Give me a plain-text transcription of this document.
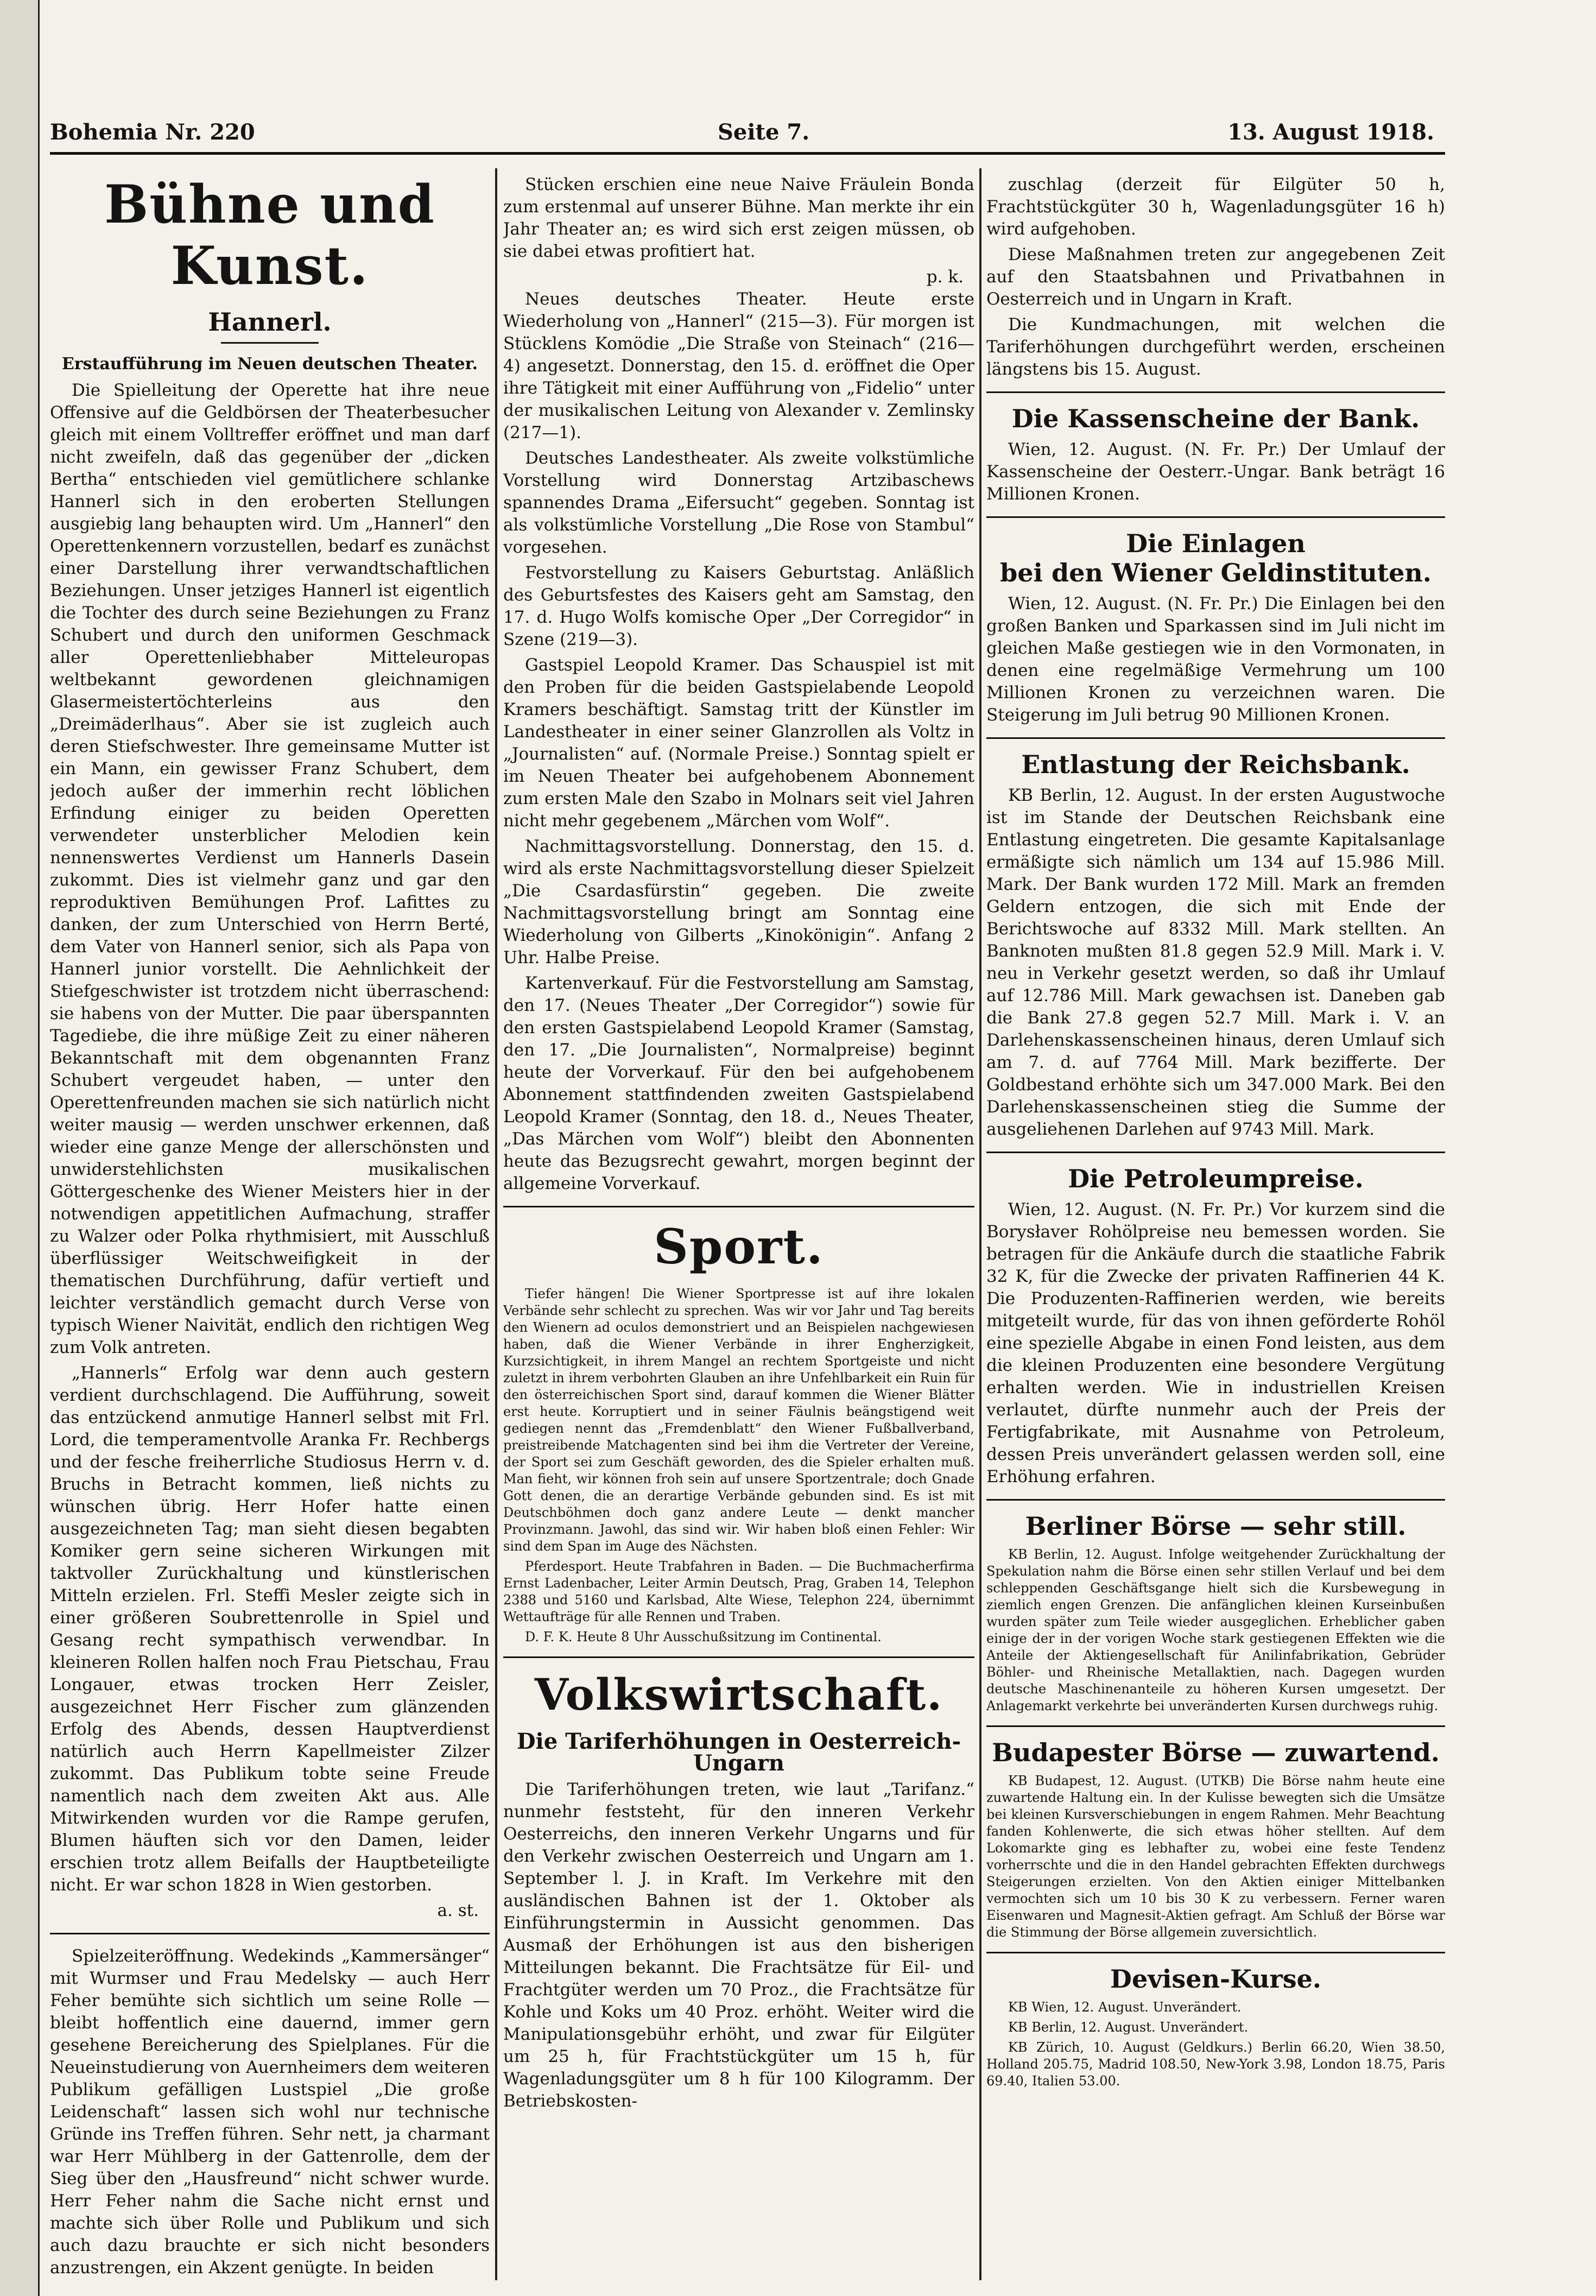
Bohemia Nr. 220	Seite 7.	13. August 1918.
Bühne und Kunst.
Hannerl.
Erstaufführung im Neuen deutschen Theater.

Die Spielleitung der Operette hat ihre neue Offensive auf die Geldbörsen der Theaterbesucher gleich mit einem Volltreffer eröffnet und man darf nicht zweifeln, daß das gegenüber der „dicken Bertha“ entschieden viel gemütlichere schlanke Hannerl sich in den eroberten Stellungen ausgiebig lang behaupten wird. Um „Hannerl“ den Operettenkennern vorzustellen, bedarf es zunächst einer Darstellung ihrer verwandtschaftlichen Beziehungen. Unser jetziges Hannerl ist eigentlich die Tochter des durch seine Beziehungen zu Franz Schubert und durch den uniformen Geschmack aller Operettenliebhaber Mitteleuropas weltbekannt gewordenen gleichnamigen Glasermeistertöchterleins aus den „Dreimäderlhaus“. Aber sie ist zugleich auch deren Stiefschwester. Ihre gemeinsame Mutter ist ein Mann, ein gewisser Franz Schubert, dem jedoch außer der immerhin recht löblichen Erfindung einiger zu beiden Operetten verwendeter unsterblicher Melodien kein nennenswertes Verdienst um Hannerls Dasein zukommt. Dies ist vielmehr ganz und gar den reproduktiven Bemühungen Prof. Lafittes zu danken, der zum Unterschied von Herrn Berté, dem Vater von Hannerl senior, sich als Papa von Hannerl junior vorstellt. Die Aehnlichkeit der Stiefgeschwister ist trotzdem nicht überraschend: sie habens von der Mutter. Die paar überspannten Tagediebe, die ihre müßige Zeit zu einer näheren Bekanntschaft mit dem obgenannten Franz Schubert vergeudet haben, — unter den Operettenfreunden machen sie sich natürlich nicht weiter mausig — werden unschwer erkennen, daß wieder eine ganze Menge der allerschönsten und unwiderstehlichsten musikalischen Göttergeschenke des Wiener Meisters hier in der notwendigen appetitlichen Aufmachung, straffer zu Walzer oder Polka rhythmisiert, mit Ausschluß überflüssiger Weitschweifigkeit in der thematischen Durchführung, dafür vertieft und leichter verständlich gemacht durch Verse von typisch Wiener Naivität, endlich den richtigen Weg zum Volk antreten.

„Hannerls“ Erfolg war denn auch gestern verdient durchschlagend. Die Aufführung, soweit das entzückend anmutige Hannerl selbst mit Frl. Lord, die temperamentvolle Aranka Fr. Rechbergs und der fesche freiherrliche Studiosus Herrn v. d. Bruchs in Betracht kommen, ließ nichts zu wünschen übrig. Herr Hofer hatte einen ausgezeichneten Tag; man sieht diesen begabten Komiker gern seine sicheren Wirkungen mit taktvoller Zurückhaltung und künstlerischen Mitteln erzielen. Frl. Steffi Mesler zeigte sich in einer größeren Soubrettenrolle in Spiel und Gesang recht sympathisch verwendbar. In kleineren Rollen halfen noch Frau Pietschau, Frau Longauer, etwas trocken Herr Zeisler, ausgezeichnet Herr Fischer zum glänzenden Erfolg des Abends, dessen Hauptverdienst natürlich auch Herrn Kapellmeister Zilzer zukommt. Das Publikum tobte seine Freude namentlich nach dem zweiten Akt aus. Alle Mitwirkenden wurden vor die Rampe gerufen, Blumen häuften sich vor den Damen, leider erschien trotz allem Beifalls der Hauptbeteiligte nicht. Er war schon 1828 in Wien gestorben.

a. st.

Spielzeiteröffnung. Wedekinds „Kammersänger“ mit Wurmser und Frau Medelsky — auch Herr Feher bemühte sich sichtlich um seine Rolle — bleibt hoffentlich eine dauernd, immer gern gesehene Bereicherung des Spielplanes. Für die Neueinstudierung von Auernheimers dem weiteren Publikum gefälligen Lustspiel „Die große Leidenschaft“ lassen sich wohl nur technische Gründe ins Treffen führen. Sehr nett, ja charmant war Herr Mühlberg in der Gattenrolle, dem der Sieg über den „Hausfreund“ nicht schwer wurde. Herr Feher nahm die Sache nicht ernst und machte sich über Rolle und Publikum und sich auch dazu brauchte er sich nicht besonders anzustrengen, ein Akzent genügte. In beiden

Stücken erschien eine neue Naive Fräulein Bonda zum erstenmal auf unserer Bühne. Man merkte ihr ein Jahr Theater an; es wird sich erst zeigen müssen, ob sie dabei etwas profitiert hat.

p. k.

Neues deutsches Theater. Heute erste Wiederholung von „Hannerl“ (215—3). Für morgen ist Stücklens Komödie „Die Straße von Steinach“ (216—4) angesetzt. Donnerstag, den 15. d. eröffnet die Oper ihre Tätigkeit mit einer Aufführung von „Fidelio“ unter der musikalischen Leitung von Alexander v. Zemlinsky (217—1).

Deutsches Landestheater. Als zweite volkstümliche Vorstellung wird Donnerstag Artzibaschews spannendes Drama „Eifersucht“ gegeben. Sonntag ist als volkstümliche Vorstellung „Die Rose von Stambul“ vorgesehen.

Festvorstellung zu Kaisers Geburtstag. Anläßlich des Geburtsfestes des Kaisers geht am Samstag, den 17. d. Hugo Wolfs komische Oper „Der Corregidor“ in Szene (219—3).

Gastspiel Leopold Kramer. Das Schauspiel ist mit den Proben für die beiden Gastspielabende Leopold Kramers beschäftigt. Samstag tritt der Künstler im Landestheater in einer seiner Glanzrollen als Voltz in „Journalisten“ auf. (Normale Preise.) Sonntag spielt er im Neuen Theater bei aufgehobenem Abonnement zum ersten Male den Szabo in Molnars seit viel Jahren nicht mehr gegebenem „Märchen vom Wolf“.

Nachmittagsvorstellung. Donnerstag, den 15. d. wird als erste Nachmittagsvorstellung dieser Spielzeit „Die Csardasfürstin“ gegeben. Die zweite Nachmittagsvorstellung bringt am Sonntag eine Wiederholung von Gilberts „Kinokönigin“. Anfang 2 Uhr. Halbe Preise.

Kartenverkauf. Für die Festvorstellung am Samstag, den 17. (Neues Theater „Der Corregidor“) sowie für den ersten Gastspielabend Leopold Kramer (Samstag, den 17. „Die Journalisten“, Normalpreise) beginnt heute der Vorverkauf. Für den bei aufgehobenem Abonnement stattfindenden zweiten Gastspielabend Leopold Kramer (Sonntag, den 18. d., Neues Theater, „Das Märchen vom Wolf“) bleibt den Abonnenten heute das Bezugsrecht gewahrt, morgen beginnt der allgemeine Vorverkauf.

Sport.

Tiefer hängen! Die Wiener Sportpresse ist auf ihre lokalen Verbände sehr schlecht zu sprechen. Was wir vor Jahr und Tag bereits den Wienern ad oculos demonstriert und an Beispielen nachgewiesen haben, daß die Wiener Verbände in ihrer Engherzigkeit, Kurzsichtigkeit, in ihrem Mangel an rechtem Sportgeiste und nicht zuletzt in ihrem verbohrten Glauben an ihre Unfehlbarkeit ein Ruin für den österreichischen Sport sind, darauf kommen die Wiener Blätter erst heute. Korruptiert und in seiner Fäulnis beängstigend weit gediegen nennt das „Fremdenblatt“ den Wiener Fußballverband, preistreibende Matchagenten sind bei ihm die Vertreter der Vereine, der Sport sei zum Geschäft geworden, des die Spieler erhalten muß. Man fieht, wir können froh sein auf unsere Sportzentrale; doch Gnade Gott denen, die an derartige Verbände gebunden sind. Es ist mit Deutschböhmen doch ganz andere Leute — denkt mancher Provinzmann. Jawohl, das sind wir. Wir haben bloß einen Fehler: Wir sind dem Span im Auge des Nächsten.

Pferdesport. Heute Trabfahren in Baden. — Die Buchmacherfirma Ernst Ladenbacher, Leiter Armin Deutsch, Prag, Graben 14, Telephon 2388 und 5160 und Karlsbad, Alte Wiese, Telephon 224, übernimmt Wettaufträge für alle Rennen und Traben.

D. F. K. Heute 8 Uhr Ausschußsitzung im Continental.

Volkswirtschaft.
Die Tariferhöhungen in Oesterreich-Ungarn

Die Tariferhöhungen treten, wie laut „Tarifanz.“ nunmehr feststeht, für den inneren Verkehr Oesterreichs, den inneren Verkehr Ungarns und für den Verkehr zwischen Oesterreich und Ungarn am 1. September l. J. in Kraft. Im Verkehre mit den ausländischen Bahnen ist der 1. Oktober als Einführungstermin in Aussicht genommen. Das Ausmaß der Erhöhungen ist aus den bisherigen Mitteilungen bekannt. Die Frachtsätze für Eil- und Frachtgüter werden um 70 Proz., die Frachtsätze für Kohle und Koks um 40 Proz. erhöht. Weiter wird die Manipulationsgebühr erhöht, und zwar für Eilgüter um 25 h, für Frachtstückgüter um 15 h, für Wagenladungsgüter um 8 h für 100 Kilogramm. Der Betriebskosten-

zuschlag (derzeit für Eilgüter 50 h, Frachtstückgüter 30 h, Wagenladungsgüter 16 h) wird aufgehoben.

Diese Maßnahmen treten zur angegebenen Zeit auf den Staatsbahnen und Privatbahnen in Oesterreich und in Ungarn in Kraft.

Die Kundmachungen, mit welchen die Tariferhöhungen durchgeführt werden, erscheinen längstens bis 15. August.

Die Kassenscheine der Bank.

Wien, 12. August. (N. Fr. Pr.) Der Umlauf der Kassenscheine der Oesterr.-Ungar. Bank beträgt 16 Millionen Kronen.

Die Einlagen
bei den Wiener Geldinstituten.

Wien, 12. August. (N. Fr. Pr.) Die Einlagen bei den großen Banken und Sparkassen sind im Juli nicht im gleichen Maße gestiegen wie in den Vormonaten, in denen eine regelmäßige Vermehrung um 100 Millionen Kronen zu verzeichnen waren. Die Steigerung im Juli betrug 90 Millionen Kronen.

Entlastung der Reichsbank.

KB Berlin, 12. August. In der ersten Augustwoche ist im Stande der Deutschen Reichsbank eine Entlastung eingetreten. Die gesamte Kapitalsanlage ermäßigte sich nämlich um 134 auf 15.986 Mill. Mark. Der Bank wurden 172 Mill. Mark an fremden Geldern entzogen, die sich mit Ende der Berichtswoche auf 8332 Mill. Mark stellten. An Banknoten mußten 81.8 gegen 52.9 Mill. Mark i. V. neu in Verkehr gesetzt werden, so daß ihr Umlauf auf 12.786 Mill. Mark gewachsen ist. Daneben gab die Bank 27.8 gegen 52.7 Mill. Mark i. V. an Darlehenskassenscheinen hinaus, deren Umlauf sich am 7. d. auf 7764 Mill. Mark bezifferte. Der Goldbestand erhöhte sich um 347.000 Mark. Bei den Darlehenskassenscheinen stieg die Summe der ausgeliehenen Darlehen auf 9743 Mill. Mark.

Die Petroleumpreise.

Wien, 12. August. (N. Fr. Pr.) Vor kurzem sind die Borysłaver Rohölpreise neu bemessen worden. Sie betragen für die Ankäufe durch die staatliche Fabrik 32 K, für die Zwecke der privaten Raffinerien 44 K. Die Produzenten-Raffinerien werden, wie bereits mitgeteilt wurde, für das von ihnen geförderte Rohöl eine spezielle Abgabe in einen Fond leisten, aus dem die kleinen Produzenten eine besondere Vergütung erhalten werden. Wie in industriellen Kreisen verlautet, dürfte nunmehr auch der Preis der Fertigfabrikate, mit Ausnahme von Petroleum, dessen Preis unverändert gelassen werden soll, eine Erhöhung erfahren.

Berliner Börse — sehr still.

KB Berlin, 12. August. Infolge weitgehender Zurückhaltung der Spekulation nahm die Börse einen sehr stillen Verlauf und bei dem schleppenden Geschäftsgange hielt sich die Kursbewegung in ziemlich engen Grenzen. Die anfänglichen kleinen Kurseinbußen wurden später zum Teile wieder ausgeglichen. Erheblicher gaben einige der in der vorigen Woche stark gestiegenen Effekten wie die Anteile der Aktiengesellschaft für Anilinfabrikation, Gebrüder Böhler- und Rheinische Metallaktien, nach. Dagegen wurden deutsche Maschinenanteile zu höheren Kursen umgesetzt. Der Anlagemarkt verkehrte bei unveränderten Kursen durchwegs ruhig.

Budapester Börse — zuwartend.

KB Budapest, 12. August. (UTKB) Die Börse nahm heute eine zuwartende Haltung ein. In der Kulisse bewegten sich die Umsätze bei kleinen Kursverschiebungen in engem Rahmen. Mehr Beachtung fanden Kohlenwerte, die sich etwas höher stellten. Auf dem Lokomarkte ging es lebhafter zu, wobei eine feste Tendenz vorherrschte und die in den Handel gebrachten Effekten durchwegs Steigerungen erzielten. Von den Aktien einiger Mittelbanken vermochten sich um 10 bis 30 K zu verbessern. Ferner waren Eisenwaren und Magnesit-Aktien gefragt. Am Schluß der Börse war die Stimmung der Börse allgemein zuversichtlich.

Devisen-Kurse.

KB Wien, 12. August. Unverändert.

KB Berlin, 12. August. Unverändert.

KB Zürich, 10. August (Geldkurs.) Berlin 66.20, Wien 38.50, Holland 205.75, Madrid 108.50, New-York 3.98, London 18.75, Paris 69.40, Italien 53.00.
